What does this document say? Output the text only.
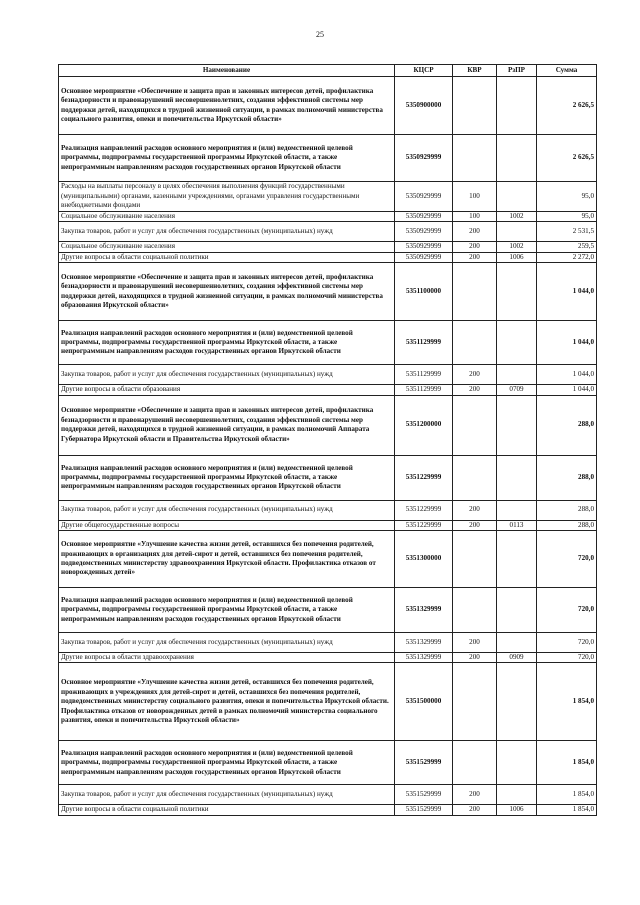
25
Наименование	КЦСР	КВР	РзПР	Сумма
Основное мероприятие «Обеспечение и защита прав и законных интересов детей, профилактика безнадзорности и правонарушений несовершеннолетних, создания эффективной системы мер поддержки детей, находящихся в трудной жизненной ситуации, в рамках полномочий министерства социального развития, опеки и попечительства Иркутской области»	5350900000			2 626,5
Реализация направлений расходов основного мероприятия и (или) ведомственной целевой программы, подпрограммы государственной программы Иркутской области, а также непрограммным направлениям расходов государственных органов Иркутской области	5350929999			2 626,5
Расходы на выплаты персоналу в целях обеспечения выполнения функций государственными (муниципальными) органами, казенными учреждениями, органами управления государственными внебюджетными фондами	5350929999	100		95,0
Социальное обслуживание населения	5350929999	100	1002	95,0
Закупка товаров, работ и услуг для обеспечения государственных (муниципальных) нужд	5350929999	200		2 531,5
Социальное обслуживание населения	5350929999	200	1002	259,5
Другие вопросы в области социальной политики	5350929999	200	1006	2 272,0
Основное мероприятие «Обеспечение и защита прав и законных интересов детей, профилактика безнадзорности и правонарушений несовершеннолетних, создания эффективной системы мер поддержки детей, находящихся в трудной жизненной ситуации, в рамках полномочий министерства образования Иркутской области»	5351100000			1 044,0
Реализация направлений расходов основного мероприятия и (или) ведомственной целевой программы, подпрограммы государственной программы Иркутской области, а также непрограммным направлениям расходов государственных органов Иркутской области	5351129999			1 044,0
Закупка товаров, работ и услуг для обеспечения государственных (муниципальных) нужд	5351129999	200		1 044,0
Другие вопросы в области образования	5351129999	200	0709	1 044,0
Основное мероприятие «Обеспечение и защита прав и законных интересов детей, профилактика безнадзорности и правонарушений несовершеннолетних, создания эффективной системы мер поддержки детей, находящихся в трудной жизненной ситуации, в рамках полномочий Аппарата Губернатора Иркутской области и Правительства Иркутской области»	5351200000			288,0
Реализация направлений расходов основного мероприятия и (или) ведомственной целевой программы, подпрограммы государственной программы Иркутской области, а также непрограммным направлениям расходов государственных органов Иркутской области	5351229999			288,0
Закупка товаров, работ и услуг для обеспечения государственных (муниципальных) нужд	5351229999	200		288,0
Другие общегосударственные вопросы	5351229999	200	0113	288,0
Основное мероприятие «Улучшение качества жизни детей, оставшихся без попечения родителей, проживающих в организациях для детей-сирот и детей, оставшихся без попечения родителей, подведомственных министерству здравоохранения Иркутской области. Профилактика отказов от новорожденных детей»	5351300000			720,0
Реализация направлений расходов основного мероприятия и (или) ведомственной целевой программы, подпрограммы государственной программы Иркутской области, а также непрограммным направлениям расходов государственных органов Иркутской области	5351329999			720,0
Закупка товаров, работ и услуг для обеспечения государственных (муниципальных) нужд	5351329999	200		720,0
Другие вопросы в области здравоохранения	5351329999	200	0909	720,0
Основное мероприятие «Улучшение качества жизни детей, оставшихся без попечения родителей, проживающих в учреждениях для детей-сирот и детей, оставшихся без попечения родителей, подведомственных министерству социального развития, опеки и попечительства Иркутской области. Профилактика отказов от новорожденных детей в рамках полномочий министерства социального развития, опеки и попечительства Иркутской области»	5351500000			1 854,0
Реализация направлений расходов основного мероприятия и (или) ведомственной целевой программы, подпрограммы государственной программы Иркутской области, а также непрограммным направлениям расходов государственных органов Иркутской области	5351529999			1 854,0
Закупка товаров, работ и услуг для обеспечения государственных (муниципальных) нужд	5351529999	200		1 854,0
Другие вопросы в области социальной политики	5351529999	200	1006	1 854,0
